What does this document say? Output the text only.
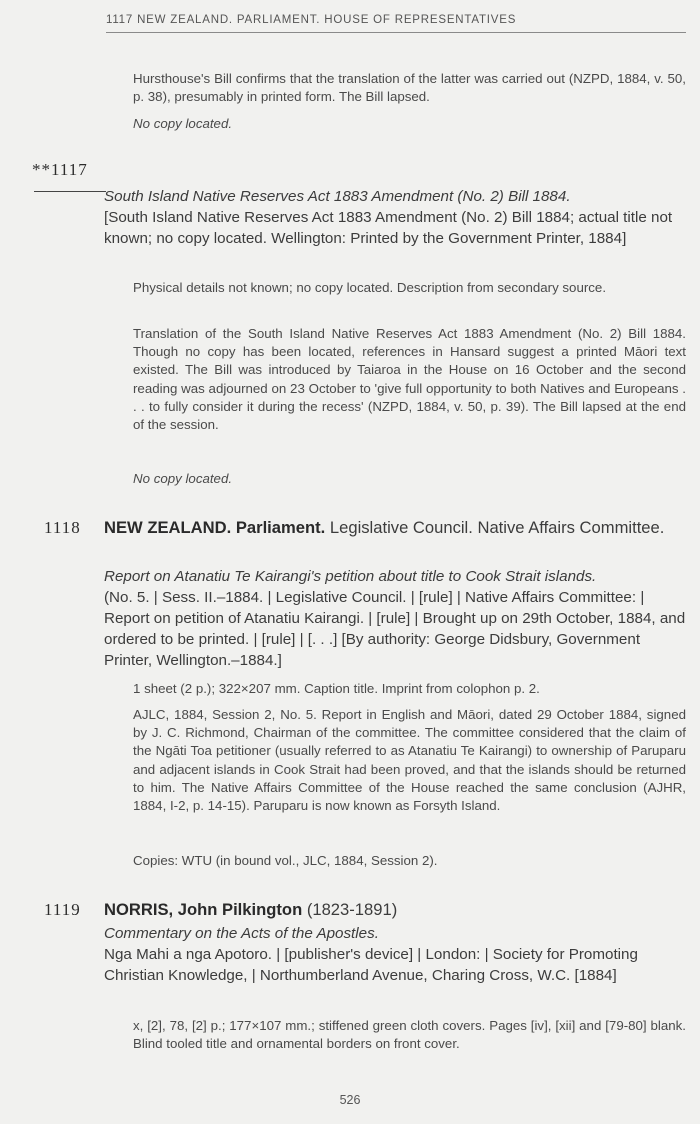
1117 NEW ZEALAND. PARLIAMENT. HOUSE OF REPRESENTATIVES
Hursthouse's Bill confirms that the translation of the latter was carried out (NZPD, 1884, v. 50, p. 38), presumably in printed form. The Bill lapsed.
No copy located.
**1117
South Island Native Reserves Act 1883 Amendment (No. 2) Bill 1884.
[South Island Native Reserves Act 1883 Amendment (No. 2) Bill 1884; actual title not known; no copy located. Wellington: Printed by the Government Printer, 1884]
Physical details not known; no copy located. Description from secondary source.
Translation of the South Island Native Reserves Act 1883 Amendment (No. 2) Bill 1884. Though no copy has been located, references in Hansard suggest a printed Māori text existed. The Bill was introduced by Taiaroa in the House on 16 October and the second reading was adjourned on 23 October to 'give full opportunity to both Natives and Europeans . . . to fully consider it during the recess' (NZPD, 1884, v. 50, p. 39). The Bill lapsed at the end of the session.
No copy located.
1118	NEW ZEALAND. Parliament. Legislative Council. Native Affairs Committee.
Report on Atanatiu Te Kairangi's petition about title to Cook Strait islands.
(No. 5. | Sess. II.–1884. | Legislative Council. | [rule] | Native Affairs Committee: | Report on petition of Atanatiu Kairangi. | [rule] | Brought up on 29th October, 1884, and ordered to be printed. | [rule] | [. . .] [By authority: George Didsbury, Government Printer, Wellington.–1884.]
1 sheet (2 p.); 322×207 mm. Caption title. Imprint from colophon p. 2.
AJLC, 1884, Session 2, No. 5. Report in English and Māori, dated 29 October 1884, signed by J. C. Richmond, Chairman of the committee. The committee considered that the claim of the Ngāti Toa petitioner (usually referred to as Atanatiu Te Kairangi) to ownership of Paruparu and adjacent islands in Cook Strait had been proved, and that the islands should be returned to him. The Native Affairs Committee of the House reached the same conclusion (AJHR, 1884, I-2, p. 14-15). Paruparu is now known as Forsyth Island.
Copies: WTU (in bound vol., JLC, 1884, Session 2).
1119	NORRIS, John Pilkington (1823-1891)
Commentary on the Acts of the Apostles.
Nga Mahi a nga Apotoro. | [publisher's device] | London: | Society for Promoting Christian Knowledge, | Northumberland Avenue, Charing Cross, W.C. [1884]
x, [2], 78, [2] p.; 177×107 mm.; stiffened green cloth covers. Pages [iv], [xii] and [79-80] blank. Blind tooled title and ornamental borders on front cover.
526
